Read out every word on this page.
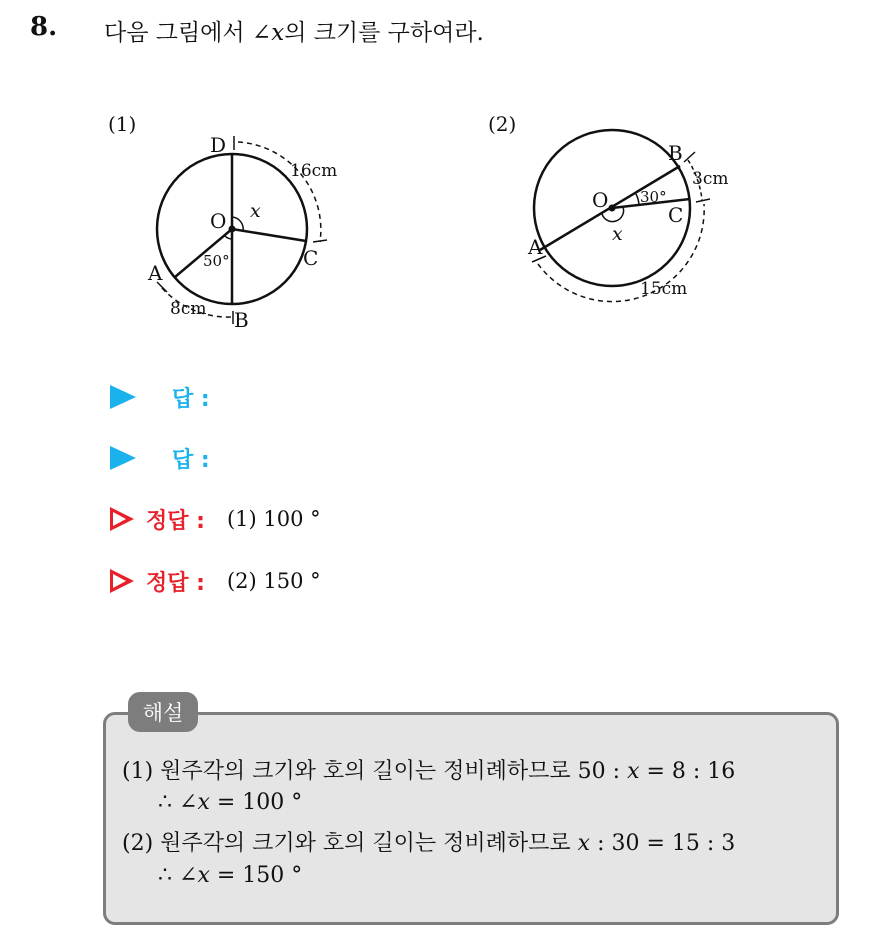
8. 다음 그림에서 ∠x의 크기를 구하여라.
(1)
D
C
A
B
O x
50°
16cm
8cm
(2)
B
C
A
O
x
30°
3cm
15cm
답 :
답 :
정답 : (1) 100 °
정답 : (2) 150 °
해설
(1) 원주각의 크기와 호의 길이는 정비례하므로 50 : x = 8 : 16
∴ ∠x = 100 °
(2) 원주각의 크기와 호의 길이는 정비례하므로 x : 30 = 15 : 3
∴ ∠x = 150 °
